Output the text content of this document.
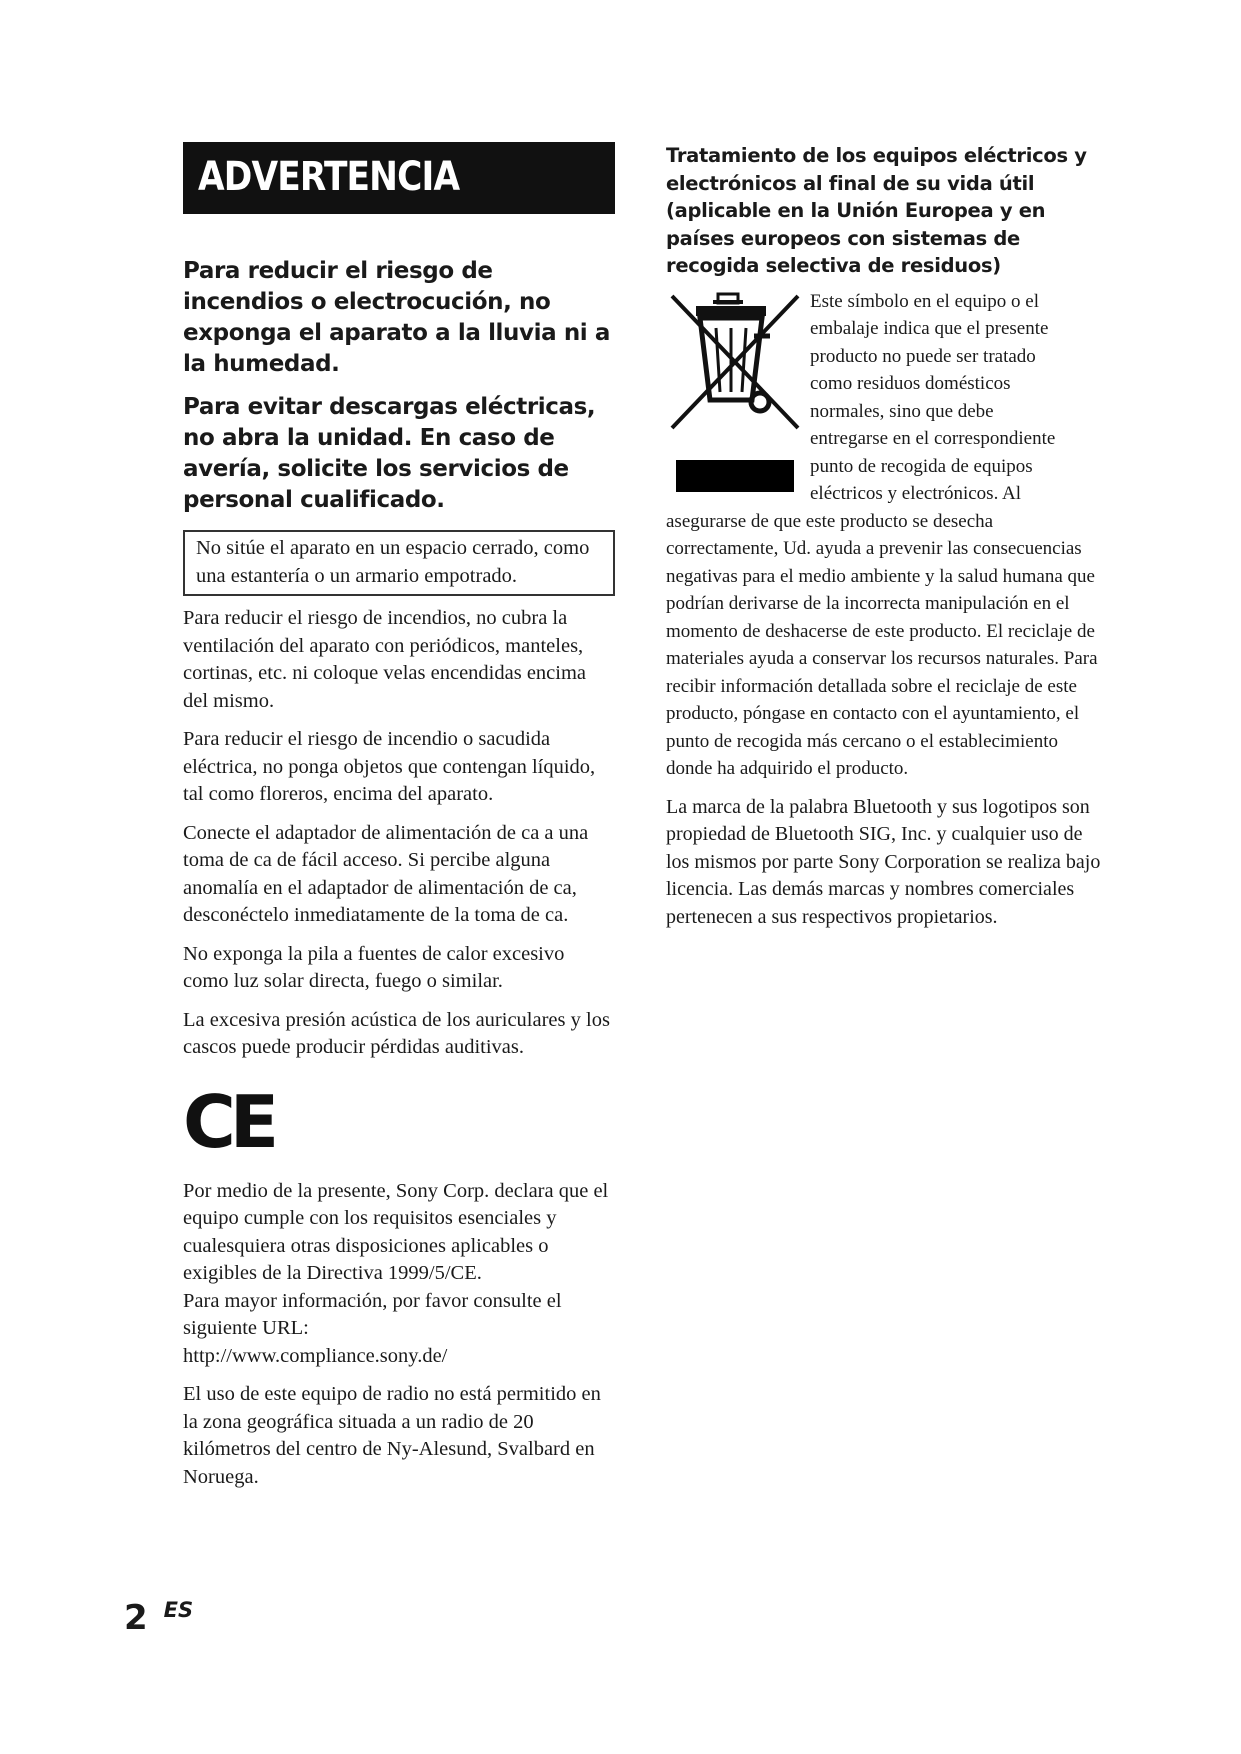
ADVERTENCIA

Para reducir el riesgo de incendios o electrocución, no exponga el aparato a la lluvia ni a la humedad.

Para evitar descargas eléctricas, no abra la unidad. En caso de avería, solicite los servicios de personal cualificado.

No sitúe el aparato en un espacio cerrado, como una estantería o un armario empotrado.

Para reducir el riesgo de incendios, no cubra la ventilación del aparato con periódicos, manteles, cortinas, etc. ni coloque velas encendidas encima del mismo.

Para reducir el riesgo de incendio o sacudida eléctrica, no ponga objetos que contengan líquido, tal como floreros, encima del aparato.

Conecte el adaptador de alimentación de ca a una toma de ca de fácil acceso. Si percibe alguna anomalía en el adaptador de alimentación de ca, desconéctelo inmediatamente de la toma de ca.

No exponga la pila a fuentes de calor excesivo como luz solar directa, fuego o similar.

La excesiva presión acústica de los auriculares y los cascos puede producir pérdidas auditivas.

CE

Por medio de la presente, Sony Corp. declara que el equipo cumple con los requisitos esenciales y cualesquiera otras disposiciones aplicables o exigibles de la Directiva 1999/5/CE.

Para mayor información, por favor consulte el siguiente URL:
http://www.compliance.sony.de/

El uso de este equipo de radio no está permitido en la zona geográfica situada a un radio de 20 kilómetros del centro de Ny-Alesund, Svalbard en Noruega.

Tratamiento de los equipos eléctricos y electrónicos al final de su vida útil (aplicable en la Unión Europea y en países europeos con sistemas de recogida selectiva de residuos)

Este símbolo en el equipo o el
embalaje indica que el presente
producto no puede ser tratado
como residuos domésticos
normales, sino que debe
entregarse en el correspondiente
punto de recogida de equipos
eléctricos y electrónicos. Al
asegurarse de que este producto se desecha correctamente, Ud. ayuda a prevenir las consecuencias negativas para el medio ambiente y la salud humana que podrían derivarse de la incorrecta manipulación en el momento de deshacerse de este producto. El reciclaje de materiales ayuda a conservar los recursos naturales. Para recibir información detallada sobre el reciclaje de este producto, póngase en contacto con el ayuntamiento, el punto de recogida más cercano o el establecimiento donde ha adquirido el producto.

La marca de la palabra Bluetooth y sus logotipos son propiedad de Bluetooth SIG, Inc. y cualquier uso de los mismos por parte Sony Corporation se realiza bajo licencia. Las demás marcas y nombres comerciales pertenecen a sus respectivos propietarios.

2 ES
